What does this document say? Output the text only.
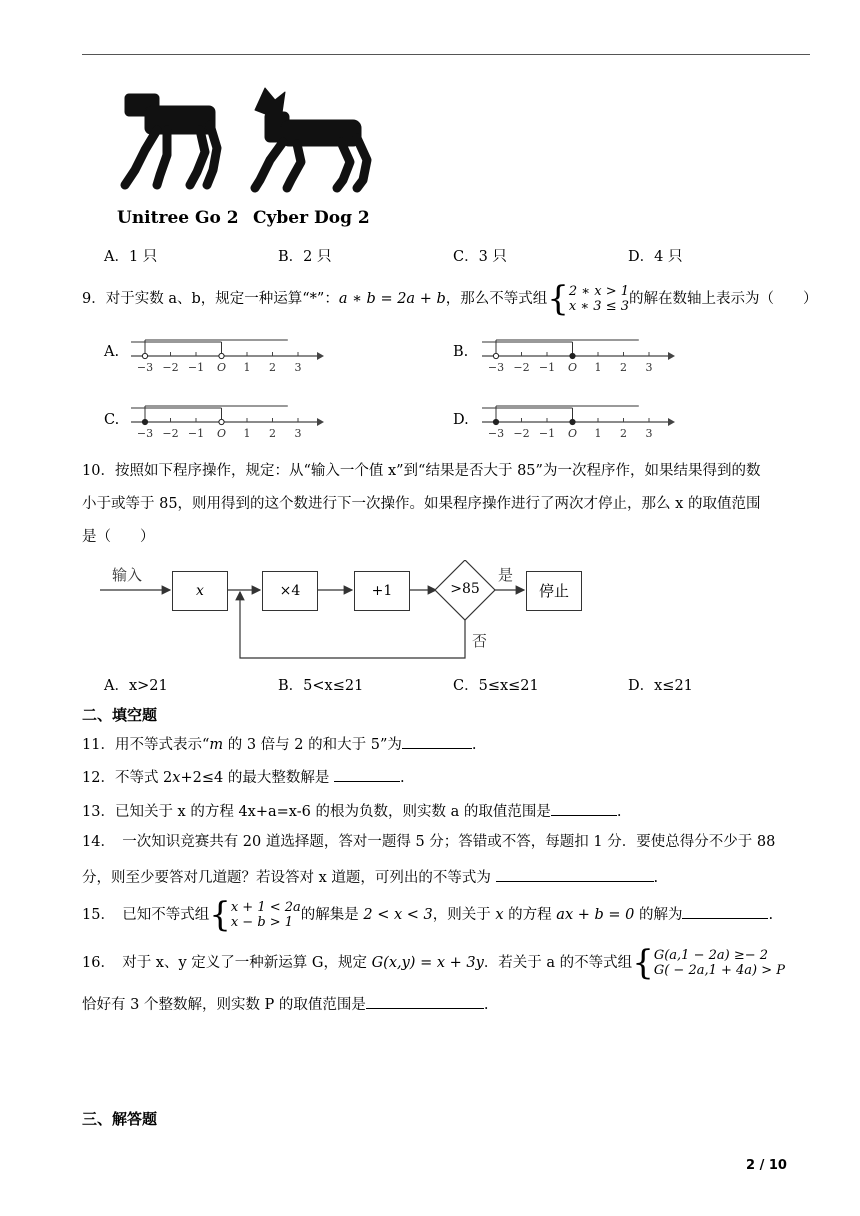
Unitree Go 2 Cyber Dog 2
A．1 只	B．2 只	C．3 只	D．4 只
9．对于实数 a、b，规定一种运算“*”：a ∗ b = 2a + b，那么不等式组{ 2 ∗ x > 1
x ∗ 3 ≤ 3 的解在数轴上表示为（　　）
A.
−3 −2 −1 O 1 2 3
B.
−3 −2 −1 O 1 2 3
C.
−3 −2 −1 O 1 2 3
D.
−3 −2 −1 O 1 2 3
10．按照如下程序操作，规定：从“输入一个值 x”到“结果是否大于 85”为一次程序作，如果结果得到的数
小于或等于 85，则用得到的这个数进行下一次操作。如果程序操作进行了两次才停止，那么 x 的取值范围
是（　　）
输入
x	×4	+1	>85
是
停止
否
A．x>21	B．5<x≤21	C．5≤x≤21	D．x≤21
二、填空题
11．用不等式表示“m 的 3 倍与 2 的和大于 5”为	.
12．不等式 2x+2≤4 的最大整数解是	.
13．已知关于 x 的方程 4x+a=x-6 的根为负数，则实数 a 的取值范围是	.
14．　一次知识竞赛共有 20 道选择题，答对一题得 5 分；答错或不答，每题扣 1 分．要使总得分不少于 88
分，则至少要答对几道题？若设答对 x 道题，可列出的不等式为	.
15．　已知不等式组{ x + 1 < 2a
x − b > 1 的解集是 2 < x < 3，则关于 x 的方程 ax + b = 0 的解为	.
16．　对于 x、y 定义了一种新运算 G，规定 G(x,y) = x + 3y．若关于 a 的不等式组{ G(a,1 − 2a) ≥− 2
G( − 2a,1 + 4a) > P
恰好有 3 个整数解，则实数 P 的取值范围是	.
三、解答题
2 / 10
